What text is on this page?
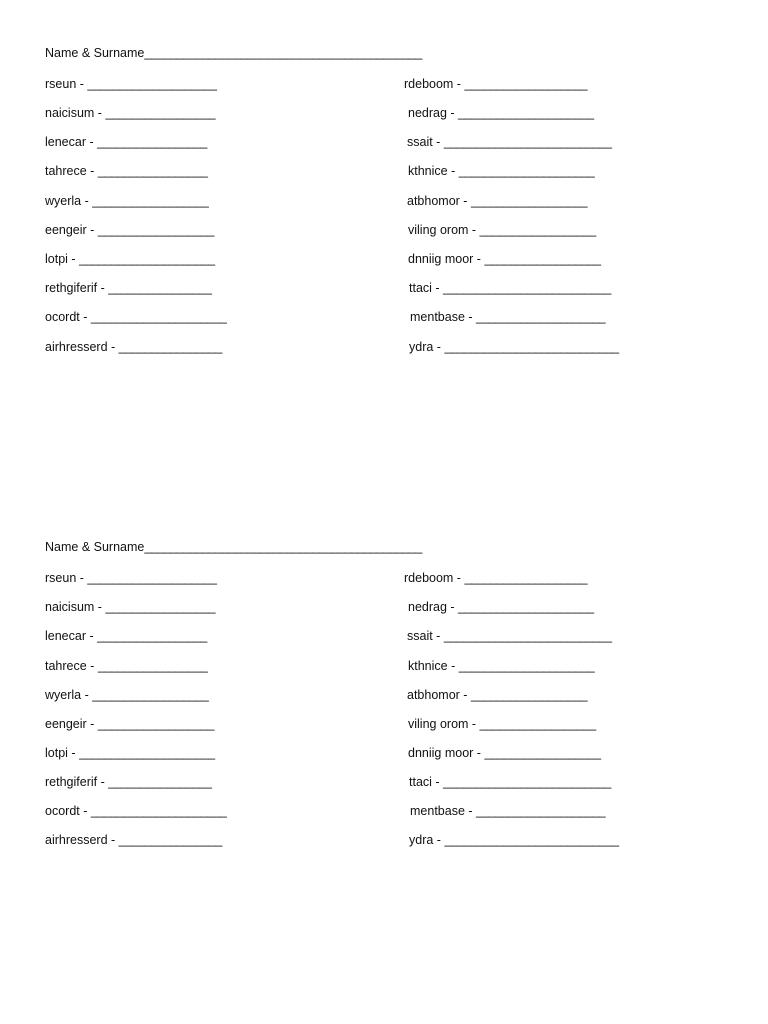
Name & Surname___________________________________________
rseun - ____________________
naicisum - _________________
lenecar - _________________
tahrece - _________________
wyerla - __________________
eengeir - __________________
lotpi - _____________________
rethgiferif - ________________
ocordt - _____________________
airhresserd - ________________
rdeboom - ___________________
nedrag - _____________________
ssait - __________________________
kthnice - _____________________
atbhomor - __________________
viling orom - __________________
dnniig moor - __________________
ttaci - __________________________
mentbase - ____________________
ydra - ___________________________
Name & Surname___________________________________________
rseun - ____________________
naicisum - _________________
lenecar - _________________
tahrece - _________________
wyerla - __________________
eengeir - __________________
lotpi - _____________________
rethgiferif - ________________
ocordt - _____________________
airhresserd - ________________
rdeboom - ___________________
nedrag - _____________________
ssait - __________________________
kthnice - _____________________
atbhomor - __________________
viling orom - __________________
dnniig moor - __________________
ttaci - __________________________
mentbase - ____________________
ydra - ___________________________
